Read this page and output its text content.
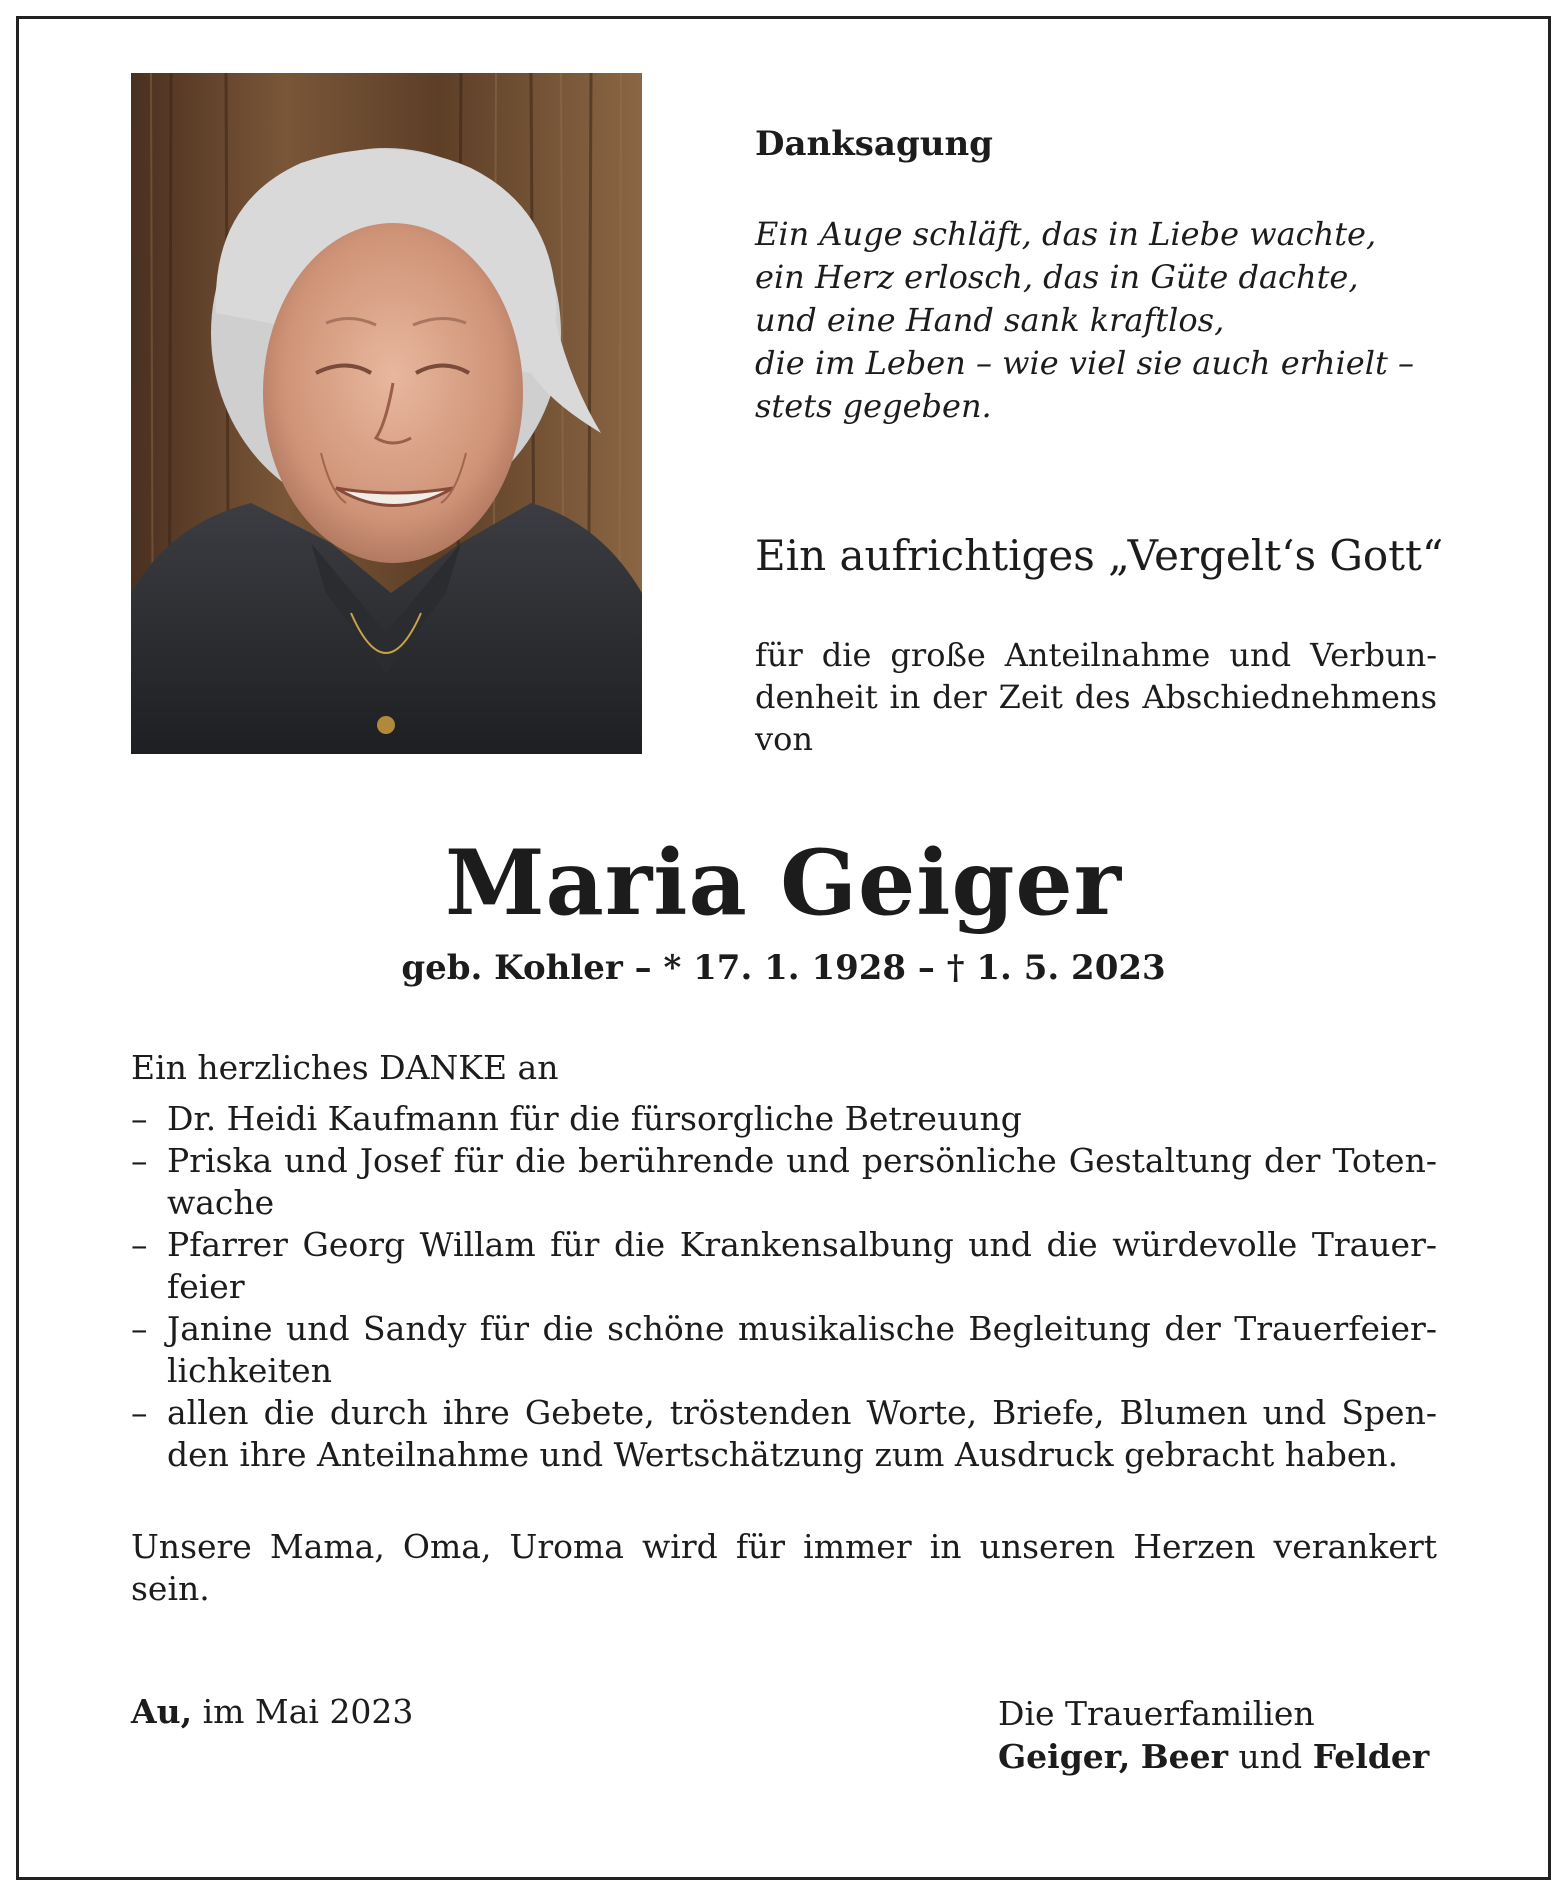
Danksagung
Ein Auge schläft, das in Liebe wachte,
ein Herz erlosch, das in Güte dachte,
und eine Hand sank kraftlos,
die im Leben – wie viel sie auch erhielt –
stets gegeben.

Ein aufrichtiges „Vergelt‘s Gott“

für die große Anteilnahme und Verbundenheit in der Zeit des Abschiednehmens von

Maria Geiger

geb. Kohler – * 17. 1. 1928 – † 1. 5. 2023

Ein herzliches DANKE an

– Dr. Heidi Kaufmann für die fürsorgliche Betreuung
– Priska und Josef für die berührende und persönliche Gestaltung der Totenwache
– Pfarrer Georg Willam für die Krankensalbung und die würdevolle Trauerfeier
– Janine und Sandy für die schöne musikalische Begleitung der Trauerfeierlichkeiten
– allen die durch ihre Gebete, tröstenden Worte, Briefe, Blumen und Spenden ihre Anteilnahme und Wertschätzung zum Ausdruck gebracht haben.

Unsere Mama, Oma, Uroma wird für immer in unseren Herzen verankert sein.

Au, im Mai 2023	Die Trauerfamilien
Geiger, Beer und Felder
